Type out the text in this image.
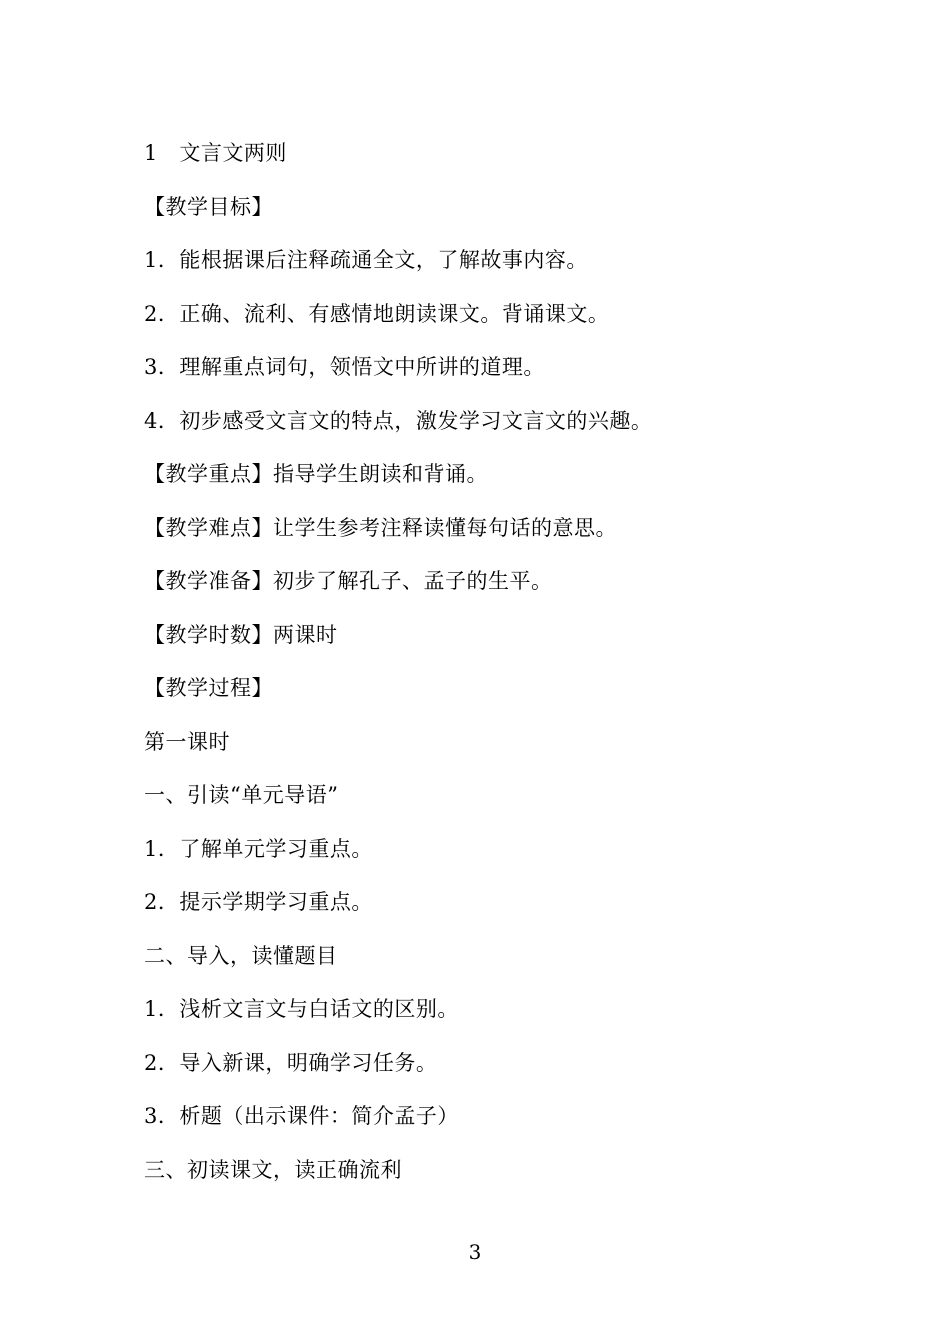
1　文言文两则
【教学目标】
1．能根据课后注释疏通全文，了解故事内容。
2．正确、流利、有感情地朗读课文。背诵课文。
3．理解重点词句，领悟文中所讲的道理。
4．初步感受文言文的特点，激发学习文言文的兴趣。
【教学重点】指导学生朗读和背诵。
【教学难点】让学生参考注释读懂每句话的意思。
【教学准备】初步了解孔子、孟子的生平。
【教学时数】两课时
【教学过程】
第一课时
一、引读“单元导语”
1．了解单元学习重点。
2．提示学期学习重点。
二、导入，读懂题目
1．浅析文言文与白话文的区别。
2．导入新课，明确学习任务。
3．析题（出示课件：简介孟子）
三、初读课文，读正确流利
3
